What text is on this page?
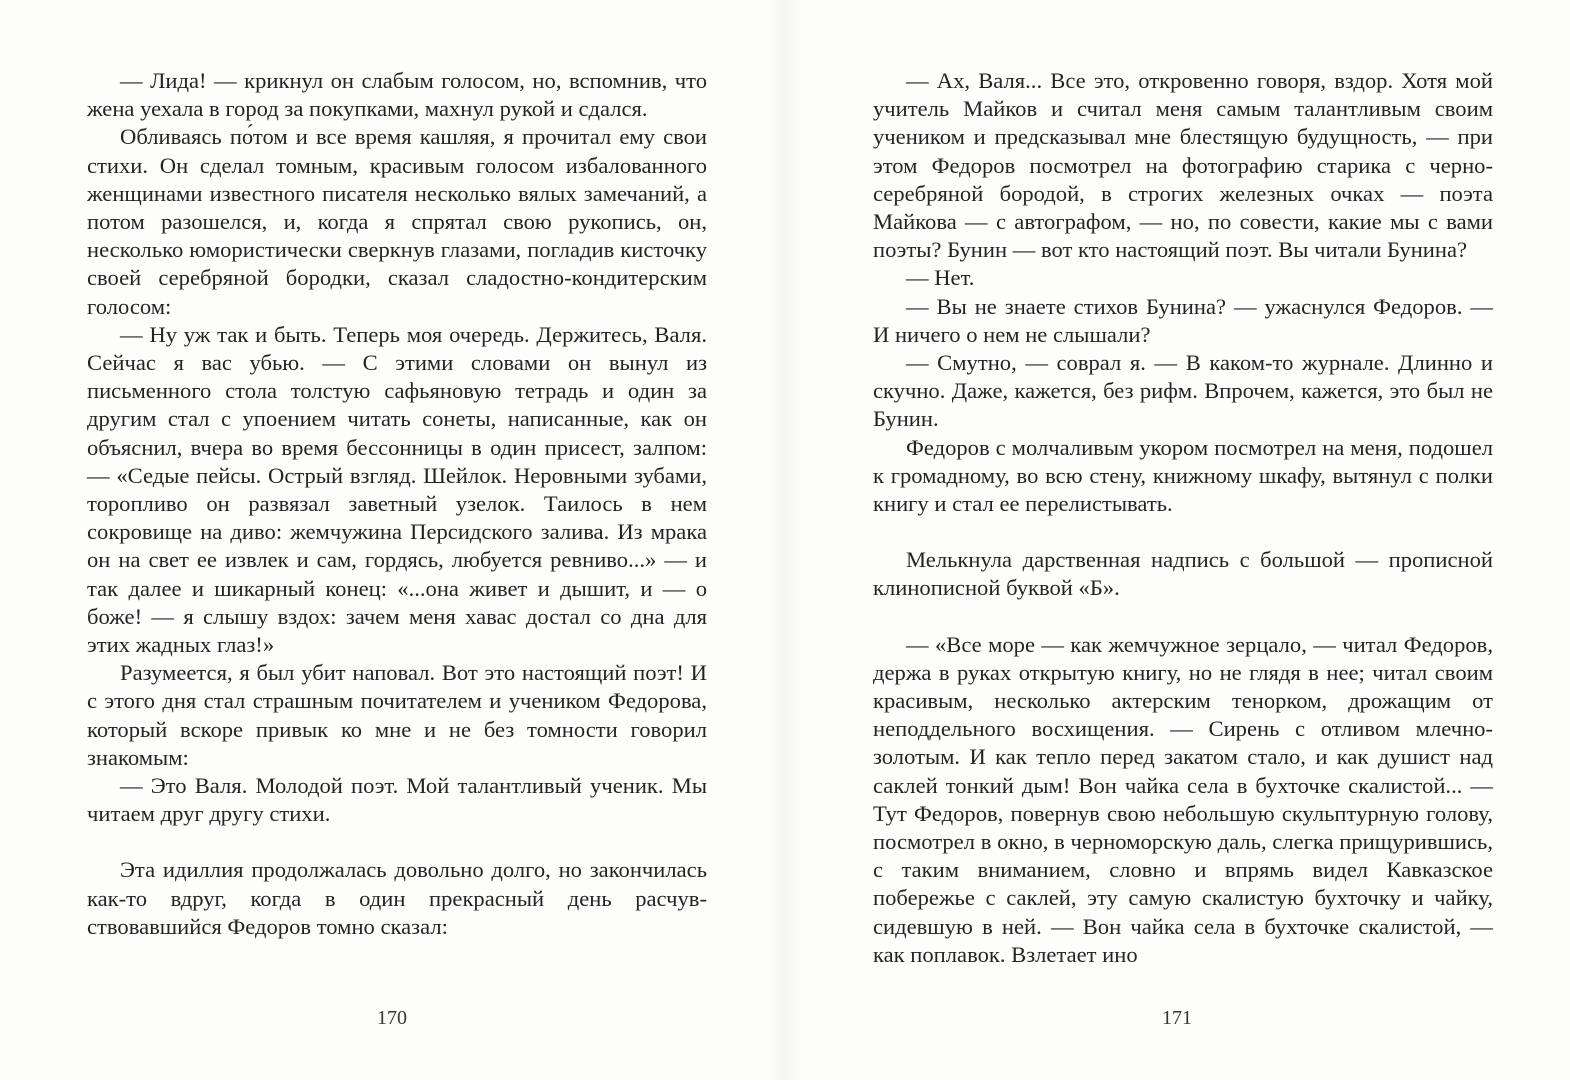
— Лида! — крикнул он слабым голосом, но, вспомнив, что жена уехала в город за покупками, махнул рукой и сдался.

Обливаясь по́том и все время кашляя, я прочитал ему свои стихи. Он сделал томным, красивым голосом избалованного женщинами известного писателя несколько вялых замечаний, а потом разошелся, и, когда я спрятал свою рукопись, он, несколько юмористически сверкнув глазами, погладив кисточку своей серебряной бородки, сказал сладостно-кондитерским голосом:

— Ну уж так и быть. Теперь моя очередь. Держитесь, Валя. Сейчас я вас убью. — С этими словами он вынул из письменного стола толстую сафьяновую тетрадь и один за другим стал с упоением читать сонеты, написанные, как он объяснил, вчера во время бессонницы в один присест, залпом: — «Седые пейсы. Острый взгляд. Шейлок. Неровными зубами, торопливо он развязал заветный узелок. Таилось в нем сокровище на диво: жемчужина Персидского залива. Из мрака он на свет ее извлек и сам, гордясь, любуется ревниво...» — и так далее и шикарный конец: «...она живет и дышит, и — о боже! — я слышу вздох: зачем меня хавас достал со дна для этих жадных глаз!»

Разумеется, я был убит наповал. Вот это настоящий поэт! И с этого дня стал страшным почитателем и учеником Федорова, который вскоре привык ко мне и не без томности говорил знакомым:

— Это Валя. Молодой поэт. Мой талантливый ученик. Мы читаем друг другу стихи.

Эта идиллия продолжалась довольно долго, но закончилась как-то вдруг, когда в один прекрасный день расчувствовавшийся Федоров томно сказал:

— Ах, Валя... Все это, откровенно говоря, вздор. Хотя мой учитель Майков и считал меня самым талантливым своим учеником и предсказывал мне блестящую будущность, — при этом Федоров посмотрел на фотографию старика с черно-серебряной бородой, в строгих железных очках — поэта Майкова — с автографом, — но, по совести, какие мы с вами поэты? Бунин — вот кто настоящий поэт. Вы читали Бунина?

— Нет.

— Вы не знаете стихов Бунина? — ужаснулся Федоров. — И ничего о нем не слышали?

— Смутно, — соврал я. — В каком-то журнале. Длинно и скучно. Даже, кажется, без рифм. Впрочем, кажется, это был не Бунин.

Федоров с молчаливым укором посмотрел на меня, подошел к громадному, во всю стену, книжному шкафу, вытянул с полки книгу и стал ее перелистывать.

Мелькнула дарственная надпись с большой — прописной клинописной буквой «Б».

— «Все море — как жемчужное зерцало, — читал Федоров, держа в руках открытую книгу, но не глядя в нее; читал своим красивым, несколько актерским тенорком, дрожащим от неподдельного восхищения. — Сирень с отливом млечно-золотым. И как тепло перед закатом стало, и как душист над саклей тонкий дым! Вон чайка села в бухточке скалистой... — Тут Федоров, повернув свою небольшую скульптурную голову, посмотрел в окно, в черноморскую даль, слегка прищурившись, с таким вниманием, словно и впрямь видел Кавказское побережье с саклей, эту самую скалистую бухточку и чайку, сидевшую в ней. — Вон чайка села в бухточке скалистой, — как поплавок. Взлетает ино

170	171
